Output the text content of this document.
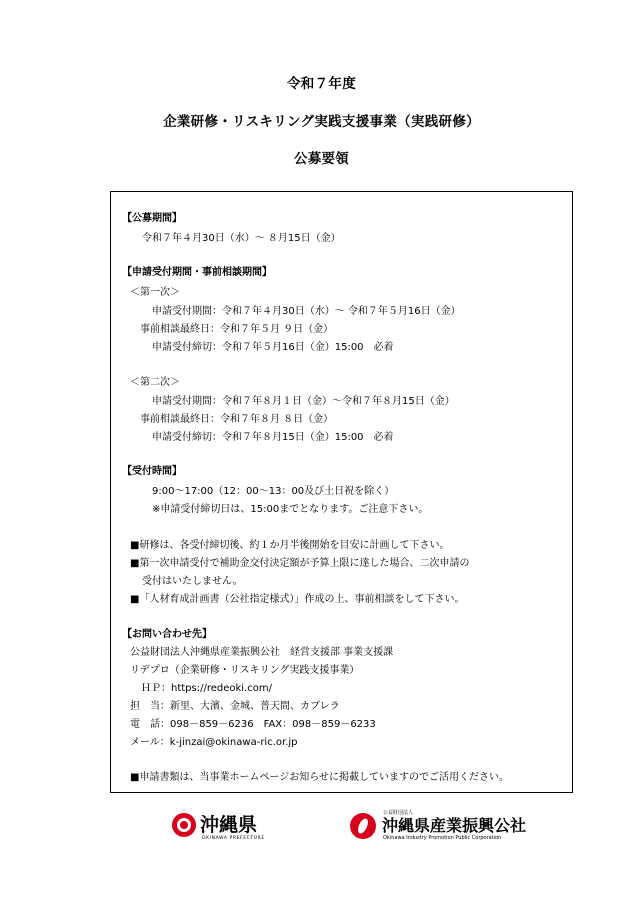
令和７年度
企業研修・リスキリング実践支援事業（実践研修）
公募要領
【公募期間】
令和７年４月30日（水）～ ８月15日（金）
【申請受付期間・事前相談期間】
＜第一次＞
申請受付期間：令和７年４月30日（水）～ 令和７年５月16日（金）
事前相談最終日：令和７年５月 ９日（金）
申請受付締切：令和７年５月16日（金）15:00　必着
＜第二次＞
申請受付期間：令和７年８月１日（金）～令和７年８月15日（金）
事前相談最終日：令和７年８月 ８日（金）
申請受付締切：令和７年８月15日（金）15:00　必着
【受付時間】
9:00～17:00（12：00～13：00及び土日祝を除く）
※申請受付締切日は、15:00までとなります。ご注意下さい。
■研修は、各受付締切後、約１か月半後開始を目安に計画して下さい。
■第一次申請受付で補助金交付決定額が予算上限に達した場合、二次申請の
受付はいたしません。
■「人材育成計画書（公社指定様式）」作成の上、事前相談をして下さい。
【お問い合わせ先】
公益財団法人沖縄県産業振興公社　経営支援部 事業支援課
リデプロ（企業研修・リスキリング実践支援事業）
ＨＰ：https://redeoki.com/
担　当：新里、大濱、金城、普天間、カブレラ
電　話：098－859－6236　FAX：098－859－6233
メール：k-jinzai@okinawa-ric.or.jp
■申請書類は、当事業ホームページお知らせに掲載していますのでご活用ください。
沖縄県
OKINAWA PREFECTURE
公益財団法人
沖縄県産業振興公社
Okinawa Industry Promotion Public Corporation
